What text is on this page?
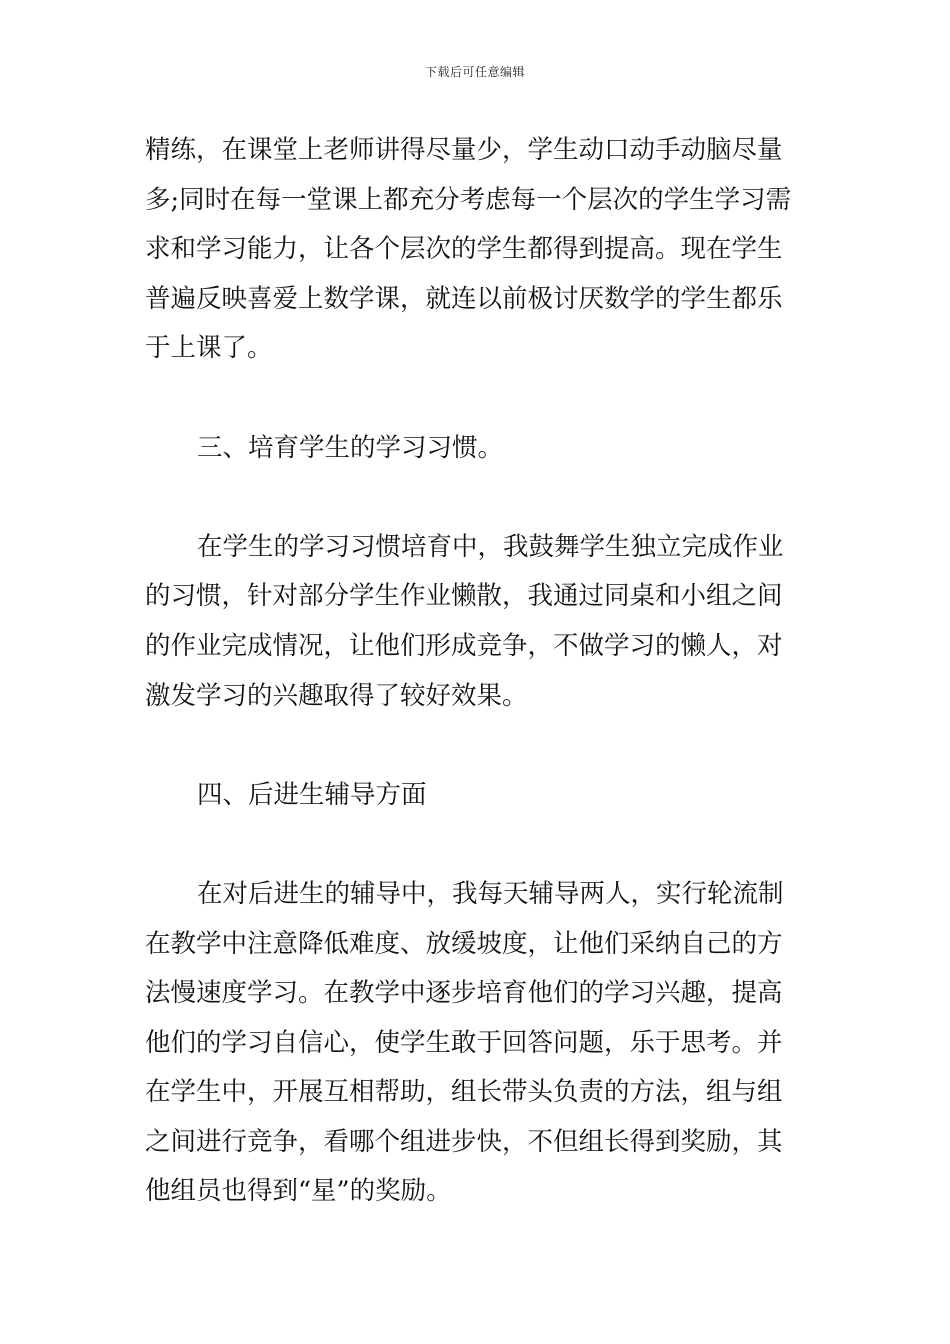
下载后可任意编辑
精练，在课堂上老师讲得尽量少，学生动口动手动脑尽量
多;同时在每一堂课上都充分考虑每一个层次的学生学习需
求和学习能力，让各个层次的学生都得到提高。现在学生
普遍反映喜爱上数学课，就连以前极讨厌数学的学生都乐
于上课了。
三、培育学生的学习习惯。
在学生的学习习惯培育中，我鼓舞学生独立完成作业
的习惯，针对部分学生作业懒散，我通过同桌和小组之间
的作业完成情况，让他们形成竞争，不做学习的懒人，对
激发学习的兴趣取得了较好效果。
四、后进生辅导方面
在对后进生的辅导中，我每天辅导两人，实行轮流制
在教学中注意降低难度、放缓坡度，让他们采纳自己的方
法慢速度学习。在教学中逐步培育他们的学习兴趣，提高
他们的学习自信心，使学生敢于回答问题，乐于思考。并
在学生中，开展互相帮助，组长带头负责的方法，组与组
之间进行竞争，看哪个组进步快，不但组长得到奖励，其
他组员也得到“星”的奖励。
